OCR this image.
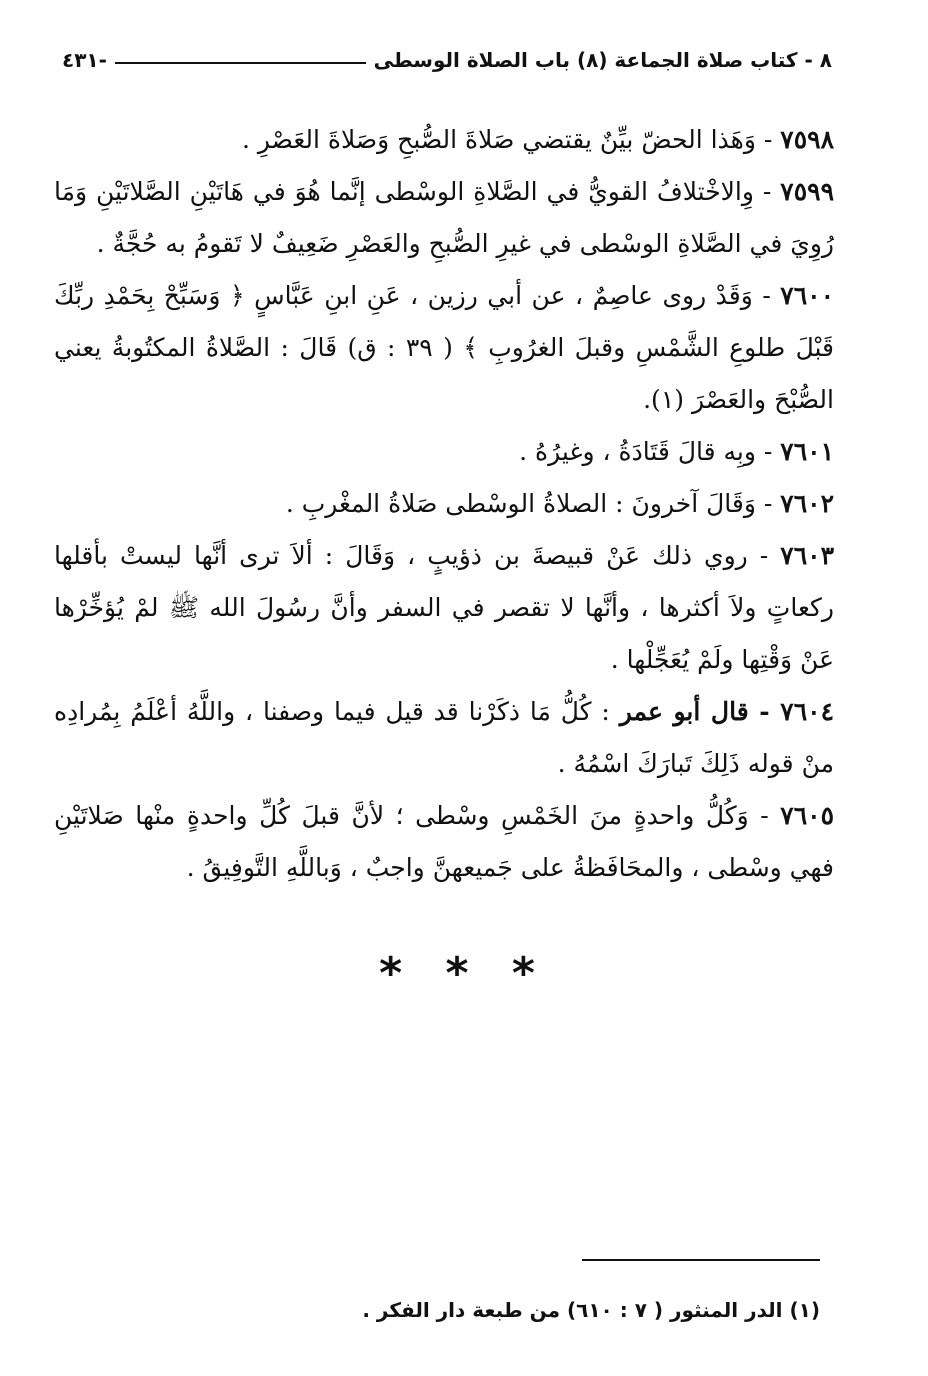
٨ - كتاب صلاة الجماعة (٨) باب الصلاة الوسطى
-٤٣١

٧٥٩٨ - وَهَذا الحضّ بيِّنٌ يقتضي صَلاةَ الصُّبحِ وَصَلاةَ العَصْرِ .

٧٥٩٩ - وِالاخْتلافُ القويُّ في الصَّلاةِ الوسْطى إنَّما هُوَ في هَاتَيْنِ الصَّلاتَيْنِ وَمَا رُوِيَ في الصَّلاةِ الوسْطى في غيرِ الصُّبحِ والعَصْرِ ضَعِيفٌ لا تَقومُ به حُجَّةٌ .

٧٦٠٠ - وَقَدْ روى عاصِمٌ ، عن أبي رزين ، عَنِ ابنِ عَبَّاسٍ ﴿ وَسَبِّحْ بِحَمْدِ ربِّكَ قَبْلَ طلوعِ الشَّمْسِ وقبلَ الغرُوبِ ﴾ ( ٣٩ : ق) قَالَ : الصَّلاةُ المكتُوبةُ يعني الصُّبْحَ والعَصْرَ (١).

٧٦٠١ - وبِه قالَ قَتَادَةُ ، وغيرُهُ .

٧٦٠٢ - وَقَالَ آخرونَ : الصلاةُ الوسْطى صَلاةُ المغْربِ .

٧٦٠٣ - روي ذلك عَنْ قبيصةَ بن ذؤيبٍ ، وَقَالَ : ألاَ ترى أنَّها ليستْ بأقلها ركعاتٍ ولاَ أكثرها ، وأنَّها لا تقصر في السفر وأنَّ رسُولَ الله ﷺ لمْ يُؤخِّرْها عَنْ وَقْتِها ولَمْ يُعَجِّلْها .

٧٦٠٤ - قال أبو عمر : كُلُّ مَا ذكَرْنا قد قيل فيما وصفنا ، واللَّهُ أعْلَمُ بِمُرادِه منْ قوله ذَلِكَ تَبارَكَ اسْمُهُ .

٧٦٠٥ - وَكُلُّ واحدةٍ منَ الخَمْسِ وسْطى ؛ لأنَّ قبلَ كُلِّ واحدةٍ منْها صَلاتَيْنِ فهي وسْطى ، والمحَافَظةُ على جَميعهنَّ واجبٌ ، وَباللَّهِ التَّوفِيقُ .

* * *
(١) الدر المنثور ( ٧ : ٦١٠) من طبعة دار الفكر .
